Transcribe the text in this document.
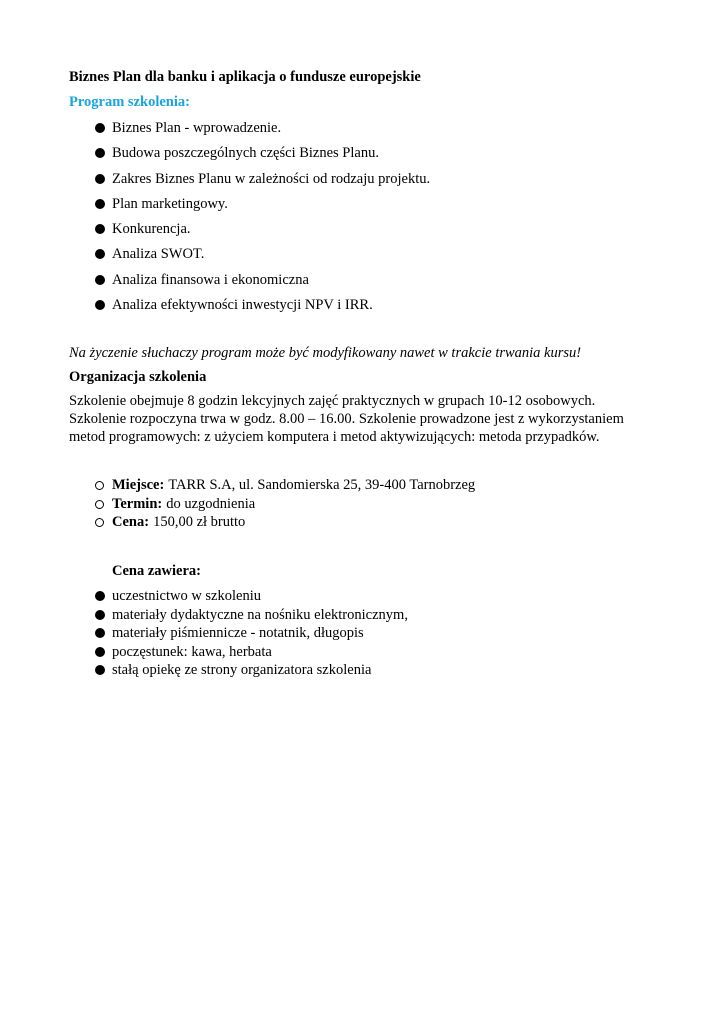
Biznes Plan dla banku i aplikacja o fundusze europejskie
Program szkolenia:
Biznes Plan - wprowadzenie.
Budowa poszczególnych części Biznes Planu.
Zakres Biznes Planu w zależności od rodzaju projektu.
Plan marketingowy.
Konkurencja.
Analiza SWOT.
Analiza finansowa i ekonomiczna
Analiza efektywności inwestycji NPV i IRR.
Na życzenie słuchaczy program może być modyfikowany nawet w trakcie trwania kursu!
Organizacja szkolenia
Szkolenie obejmuje 8 godzin lekcyjnych zajęć praktycznych w grupach 10-12 osobowych.
Szkolenie rozpoczyna trwa w godz. 8.00 – 16.00. Szkolenie prowadzone jest z wykorzystaniem
metod programowych: z użyciem komputera i metod aktywizujących: metoda przypadków.
Miejsce: TARR S.A, ul. Sandomierska 25, 39-400 Tarnobrzeg
Termin: do uzgodnienia
Cena: 150,00 zł brutto
Cena zawiera:
uczestnictwo w szkoleniu
materiały dydaktyczne na nośniku elektronicznym,
materiały piśmiennicze - notatnik, długopis
poczęstunek: kawa, herbata
stałą opiekę ze strony organizatora szkolenia
